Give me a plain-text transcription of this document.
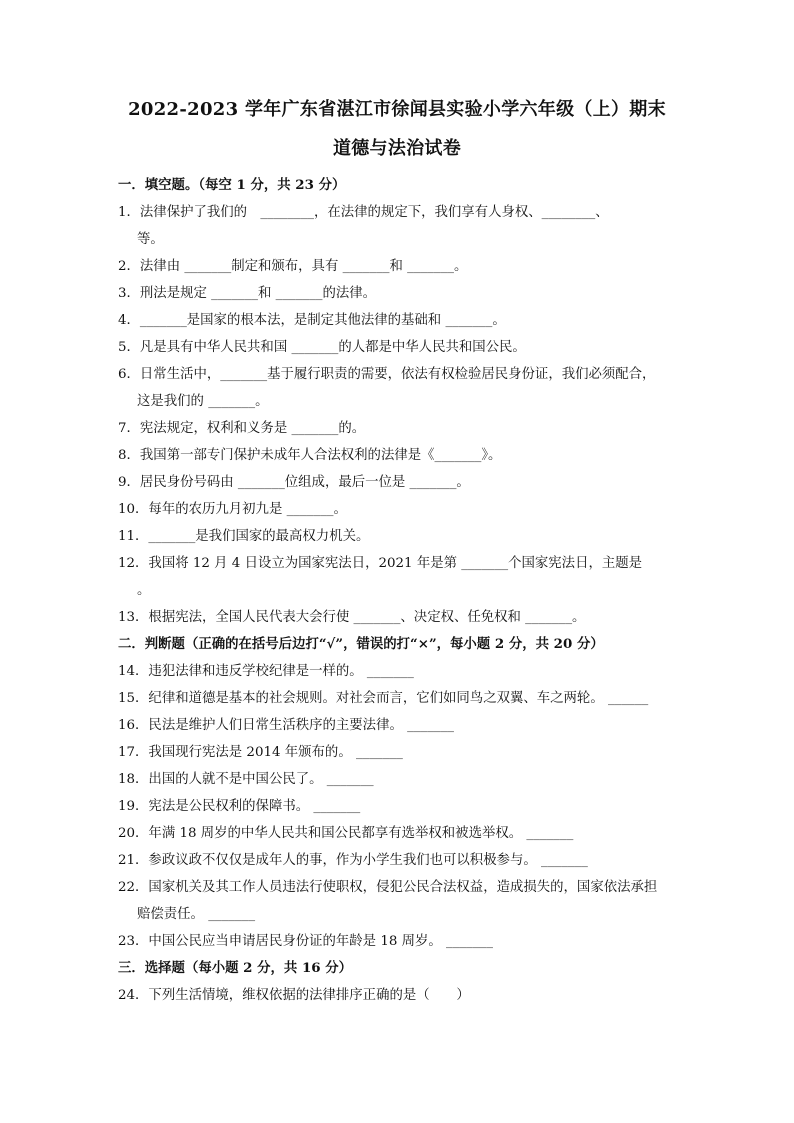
2022-2023 学年广东省湛江市徐闻县实验小学六年级（上）期末
道德与法治试卷
一．填空题。（每空 1 分，共 23 分）
1．法律保护了我们的　________，在法律的规定下，我们享有人身权、________、
等。
2．法律由 _______制定和颁布，具有 _______和 _______。
3．刑法是规定 _______和 _______的法律。
4．_______是国家的根本法，是制定其他法律的基础和 _______。
5．凡是具有中华人民共和国 _______的人都是中华人民共和国公民。
6．日常生活中，_______基于履行职责的需要，依法有权检验居民身份证，我们必须配合，
这是我们的 _______。
7．宪法规定，权利和义务是 _______的。
8．我国第一部专门保护未成年人合法权利的法律是《_______》。
9．居民身份号码由 _______位组成，最后一位是 _______。
10．每年的农历九月初九是 _______。
11．_______是我们国家的最高权力机关。
12．我国将 12 月 4 日设立为国家宪法日，2021 年是第 _______个国家宪法日，主题是
。
13．根据宪法，全国人民代表大会行使 _______、决定权、任免权和 _______。
二．判断题（正确的在括号后边打“√”，错误的打“×”，每小题 2 分，共 20 分）
14．违犯法律和违反学校纪律是一样的。 _______
15．纪律和道德是基本的社会规则。对社会而言，它们如同鸟之双翼、车之两轮。 ______
16．民法是维护人们日常生活秩序的主要法律。 _______
17．我国现行宪法是 2014 年颁布的。 _______
18．出国的人就不是中国公民了。 _______
19．宪法是公民权利的保障书。 _______
20．年满 18 周岁的中华人民共和国公民都享有选举权和被选举权。 _______
21．参政议政不仅仅是成年人的事，作为小学生我们也可以积极参与。 _______
22．国家机关及其工作人员违法行使职权，侵犯公民合法权益，造成损失的，国家依法承担
赔偿责任。 _______
23．中国公民应当申请居民身份证的年龄是 18 周岁。 _______
三．选择题（每小题 2 分，共 16 分）
24．下列生活情境，维权依据的法律排序正确的是（　　）
